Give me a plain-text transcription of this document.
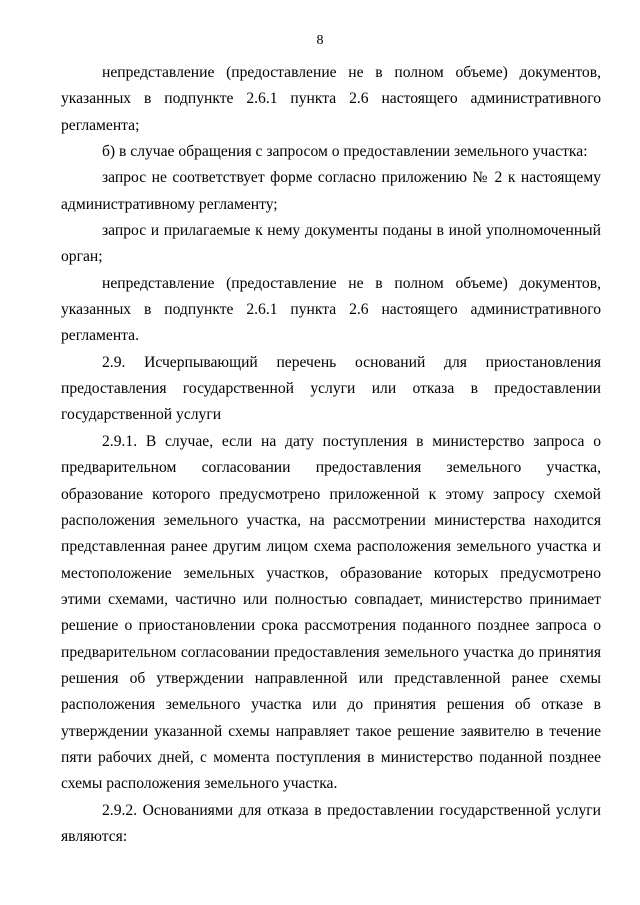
8

непредставление (предоставление не в полном объеме) документов, указанных в подпункте 2.6.1 пункта 2.6 настоящего административного регламента;

б) в случае обращения с запросом о предоставлении земельного участка:

запрос не соответствует форме согласно приложению № 2 к настоящему административному регламенту;

запрос и прилагаемые к нему документы поданы в иной уполномоченный орган;

непредставление (предоставление не в полном объеме) документов, указанных в подпункте 2.6.1 пункта 2.6 настоящего административного регламента.

2.9. Исчерпывающий перечень оснований для приостановления предоставления государственной услуги или отказа в предоставлении государственной услуги

2.9.1. В случае, если на дату поступления в министерство запроса о предварительном согласовании предоставления земельного участка, образование которого предусмотрено приложенной к этому запросу схемой расположения земельного участка, на рассмотрении министерства находится представленная ранее другим лицом схема расположения земельного участка и местоположение земельных участков, образование которых предусмотрено этими схемами, частично или полностью совпадает, министерство принимает решение о приостановлении срока рассмотрения поданного позднее запроса о предварительном согласовании предоставления земельного участка до принятия решения об утверждении направленной или представленной ранее схемы расположения земельного участка или до принятия решения об отказе в утверждении указанной схемы направляет такое решение заявителю в течение пяти рабочих дней, с момента поступления в министерство поданной позднее схемы расположения земельного участка.

2.9.2. Основаниями для отказа в предоставлении государственной услуги являются:
